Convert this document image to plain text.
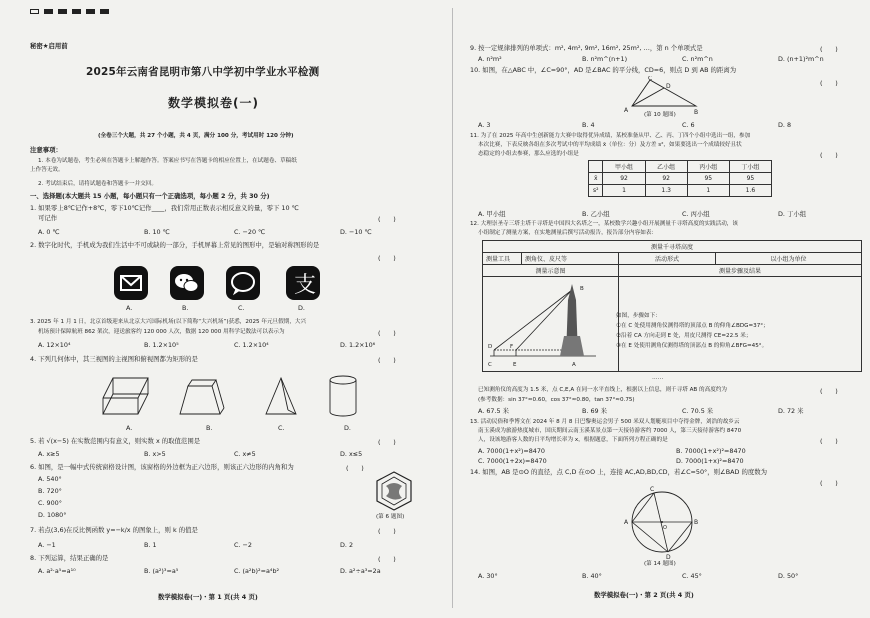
秘密★启用前
2025年云南省昆明市第八中学初中学业水平检测
数学模拟卷(一)
(全卷三个大题，共 27 个小题，共 4 页，满分 100 分，考试用时 120 分钟)
注意事项：
1. 本卷为试题卷，考生必须在答题卡上解题作答。答案应书写在答题卡的相应位置上，在试题卷、草稿纸
上作答无效。
2. 考试结束后，请将试题卷和答题卡一并交回。
一、选择题(本大题共 15 小题，每小题只有一个正确选项，每小题 2 分，共 30 分)
1. 如果零上8℃记作+8℃，零下10℃记作____，我们常用正数表示相反意义的量，零下 10 ℃
可记作	(　　)
A. 0 ℃	B. 10 ℃	C. −20 ℃	D. −10 ℃
2. 数字化时代，手机成为我们生活中不可或缺的一部分，手机屏幕上常见的图形中，是轴对称图形的是
(　　)
支
A.	B.	C.	D.
3. 2025 年 1 月 1 日，北京首级迎来从北京大兴国际机场(以下简称“大兴机场”)获悉，2025 年元旦假期，大兴
机场预计保障航班 862 架次，迎送旅客约 120 000 人次，数据 120 000 用科学记数法可以表示为	(　　)
A. 12×10⁴	B. 1.2×10⁵	C. 1.2×10⁴	D. 1.2×10⁶
4. 下列几何体中，其三视图的主视图和俯视图都为矩形的是	(　　)
A.	B.	C.	D.
5. 若 √(x−5) 在实数范围内有意义，则实数 x 的取值范围是	(　　)
A. x≥5	B. x>5	C. x≠5	D. x≤5
6. 如图，是一幅中式传统窗格设计图，该窗格的外边框为正六边形，则该正六边形的内角和为	(　　)
A. 540°
B. 720°
C. 900°
D. 1080°	(第 6 题图)
7. 若点(3,6)在反比例函数 y=−k/x 的图象上，则 k 的值是	(　　)
A. −1	B. 1	C. −2	D. 2
8. 下列运算，结果正确的是	(　　)
A. a²·a⁵=a¹⁰	B. (a²)³=a⁵	C. (a²b)²=a⁴b²	D. a²÷a³=2a
数学模拟卷(一)・第 1 页(共 4 页)
9. 按一定规律排列的单项式：m², 4m², 9m², 16m², 25m², …，第 n 个单项式是	(　　)
A. n²m²	B. n²m^(n+1)	C. n²m^n	D. (n+1)²m^n
10. 如图，在△ABC 中，∠C=90°，AD 是∠BAC 的平分线，CD=6，则点 D 到 AB 的距离为
(　　)
A	B
C
D
(第 10 题图)
A. 3	B. 4	C. 6	D. 8
11. 为了在 2025 年高中生创新能力大赛中取得优异成绩，某校准备从甲、乙、丙、丁四个小组中选出一组，参加
本次比赛，下表反映各组在多次考试中的平均成绩 x̄（单位：分）及方差 s²，如果要选出一个成绩较好且状
态稳定的小组去参赛，那么应选的小组是	(　　)
	甲小组	乙小组	丙小组	丁小组
x̄	92	92	95	95
s²	1	1.3	1	1.6
A. 甲小组	B. 乙小组	C. 丙小组	D. 丁小组
12. 大理崇圣寺三塔主塔千寻塔是中国四大名塔之一，某校数学兴趣小组开展测量千寻塔高度的实践活动，该
小组制定了测量方案，在实地测量后撰写活动报告，报告部分内容如表：
测量千寻塔高度			
测量工具	测角仪、皮尺等	活动形式	以小组为单位
测量示意图		测量步骤及结果	

C	E	A
D	F
B
如图，步骤如下：
①在 C 处使用测角仪测得塔的顶部点 B 的仰角∠BDG=37°；
②沿着 CA 方向走到 E 处，用皮尺测得 CE=22.5 米；
③在 E 处使用测角仪测得塔的顶部点 B 的仰角∠BFG=45°。
……
已知测角仪的高度为 1.5 米，点 C,E,A 在同一水平直线上，根据以上信息，则千寻塔 AB 的高度约为	(　　)
(参考数据：sin 37°≈0.60，cos 37°≈0.80，tan 37°≈0.75)
A. 67.5 米	B. 69 米	C. 70.5 米	D. 72 米
13. 活动民俗和季博文在 2024 年 8 月 8 日巴黎奥运会男子 500 米双人划艇项目中夺得金牌，刘浩的故乡云
南玉溪成为旅游热度城市，国庆期间云南玉溪某景点第一天接待游客约 7000 人，第三天接待游客约 8470
人，设该地游客人数的日平均增长率为 x，根据题意，下面所列方程正确的是	(　　)
A. 7000(1+x²)=8470	B. 7000(1+x²)²=8470
C. 7000(1+2x)=8470	D. 7000(1+x)²=8470
14. 如图，AB 是⊙O 的直径，点 C,D 在⊙O 上，连接 AC,AD,BD,CD，若∠C=50°，则∠BAD 的度数为
(　　)
A	B
C
D
O
(第 14 题图)
A. 30°	B. 40°	C. 45°	D. 50°
数学模拟卷(一)・第 2 页(共 4 页)
